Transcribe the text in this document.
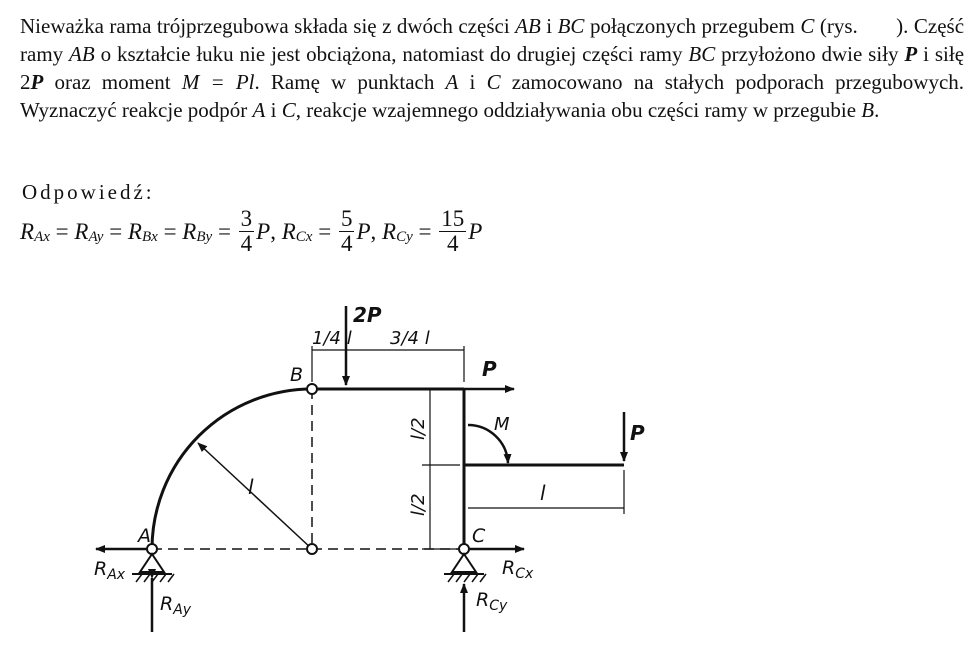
Nieważka rama trójprzegubowa składa się z dwóch części AB i BC połączonych przegubem C (rys. ). Część ramy AB o kształcie łuku nie jest obciążona, natomiast do drugiej części ramy BC przyłożono dwie siły P i siłę 2P oraz moment M = Pl. Ramę w punktach A i C zamocowano na stałych podporach przegubowych. Wyznaczyć reakcje podpór A i C, reakcje wzajemnego oddziaływania obu części ramy w przegubie B.

Odpowiedź:
R Ax
=
R Ay
=
R Bx
=
R By
=
$\frac{3}{4}$ P ,
R Cx
=
$\frac{5}{4}$ P ,
R Cy
=
$\frac{15}{4}$ P
l
2P
1/4 l 3/4 l
B
A	C
P
M	P
l/2
l/2	l
$R_{Ax}$
$R_{Ay}$
$R_{Cx}$
$R_{Cy}$
